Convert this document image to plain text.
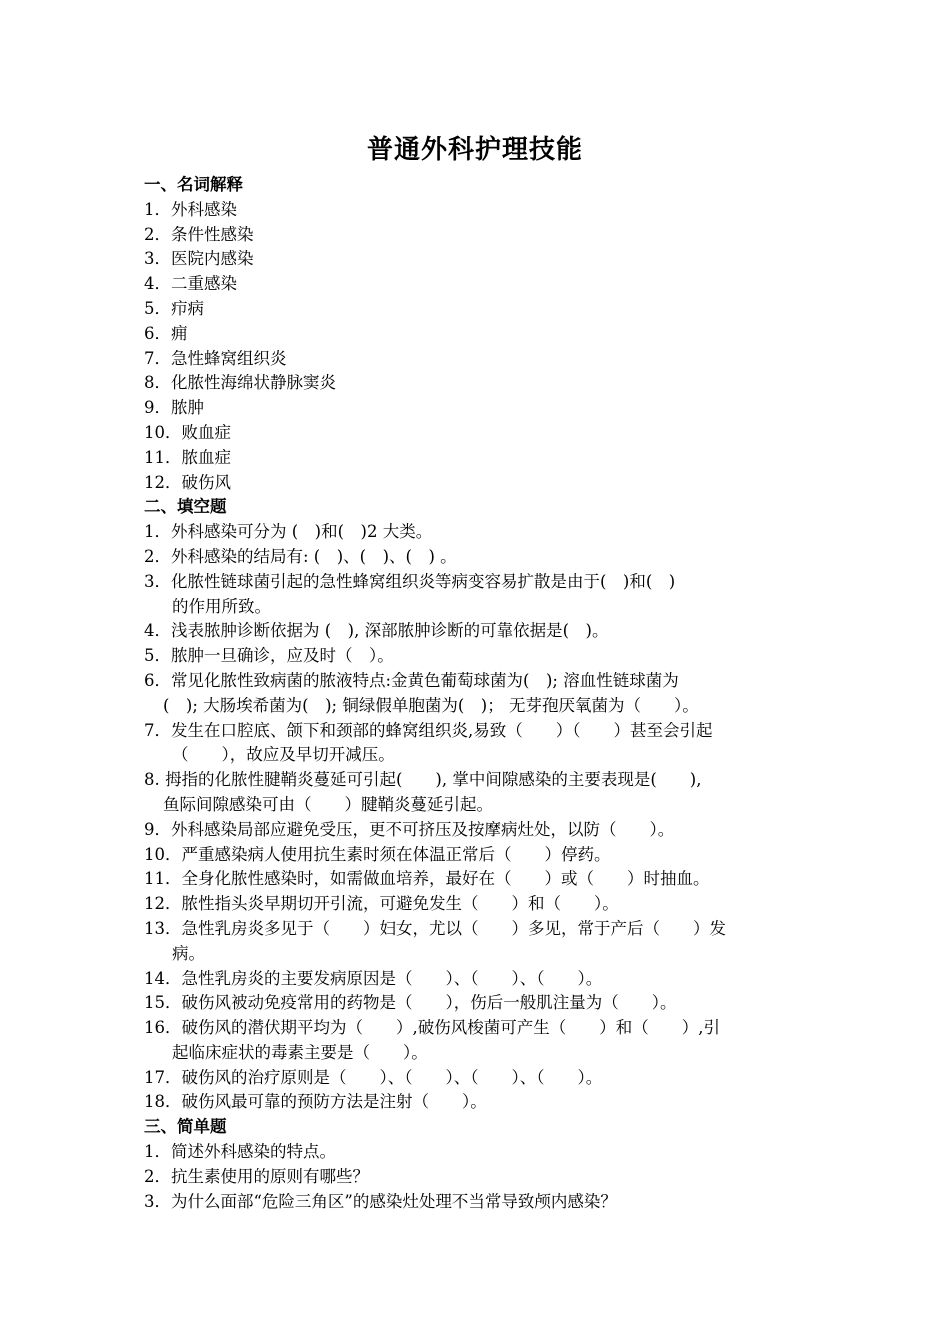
普通外科护理技能
一、名词解释
1．外科感染
2．条件性感染
3．医院内感染
4．二重感染
5．疖病
6．痈
7．急性蜂窝组织炎
8．化脓性海绵状静脉窦炎
9．脓肿
10．败血症
11．脓血症
12．破伤风
二、填空题
1．外科感染可分为 (　)和(　)2 大类。
2．外科感染的结局有: (　)、(　)、(　) 。
3．化脓性链球菌引起的急性蜂窝组织炎等病变容易扩散是由于(　)和(　)
的作用所致。
4．浅表脓肿诊断依据为 (　), 深部脓肿诊断的可靠依据是(　)。
5．脓肿一旦确诊，应及时（　）。
6．常见化脓性致病菌的脓液特点:金黄色葡萄球菌为(　); 溶血性链球菌为
(　); 大肠埃希菌为(　); 铜绿假单胞菌为(　)； 无芽孢厌氧菌为（　　）。
7．发生在口腔底、颌下和颈部的蜂窝组织炎,易致（　　）（　　）甚至会引起
（　　），故应及早切开减压。
8. 拇指的化脓性腱鞘炎蔓延可引起(　　), 掌中间隙感染的主要表现是(　　),
鱼际间隙感染可由（　　）腱鞘炎蔓延引起。
9．外科感染局部应避免受压，更不可挤压及按摩病灶处，以防（　　）。
10．严重感染病人使用抗生素时须在体温正常后（　　）停药。
11．全身化脓性感染时，如需做血培养，最好在（　　）或（　　）时抽血。
12．脓性指头炎早期切开引流，可避免发生（　　）和（　　）。
13．急性乳房炎多见于（　　）妇女，尤以（　　）多见，常于产后（　　）发
病。
14．急性乳房炎的主要发病原因是（　　）、（　　）、（　　）。
15．破伤风被动免疫常用的药物是（　　），伤后一般肌注量为（　　）。
16．破伤风的潜伏期平均为（　　）,破伤风梭菌可产生（　　）和（　　）,引
起临床症状的毒素主要是（　　）。
17．破伤风的治疗原则是（　　）、（　　）、（　　）、（　　）。
18．破伤风最可靠的预防方法是注射（　　）。
三、简单题
1．简述外科感染的特点。
2．抗生素使用的原则有哪些？
3．为什么面部“危险三角区”的感染灶处理不当常导致颅内感染？
